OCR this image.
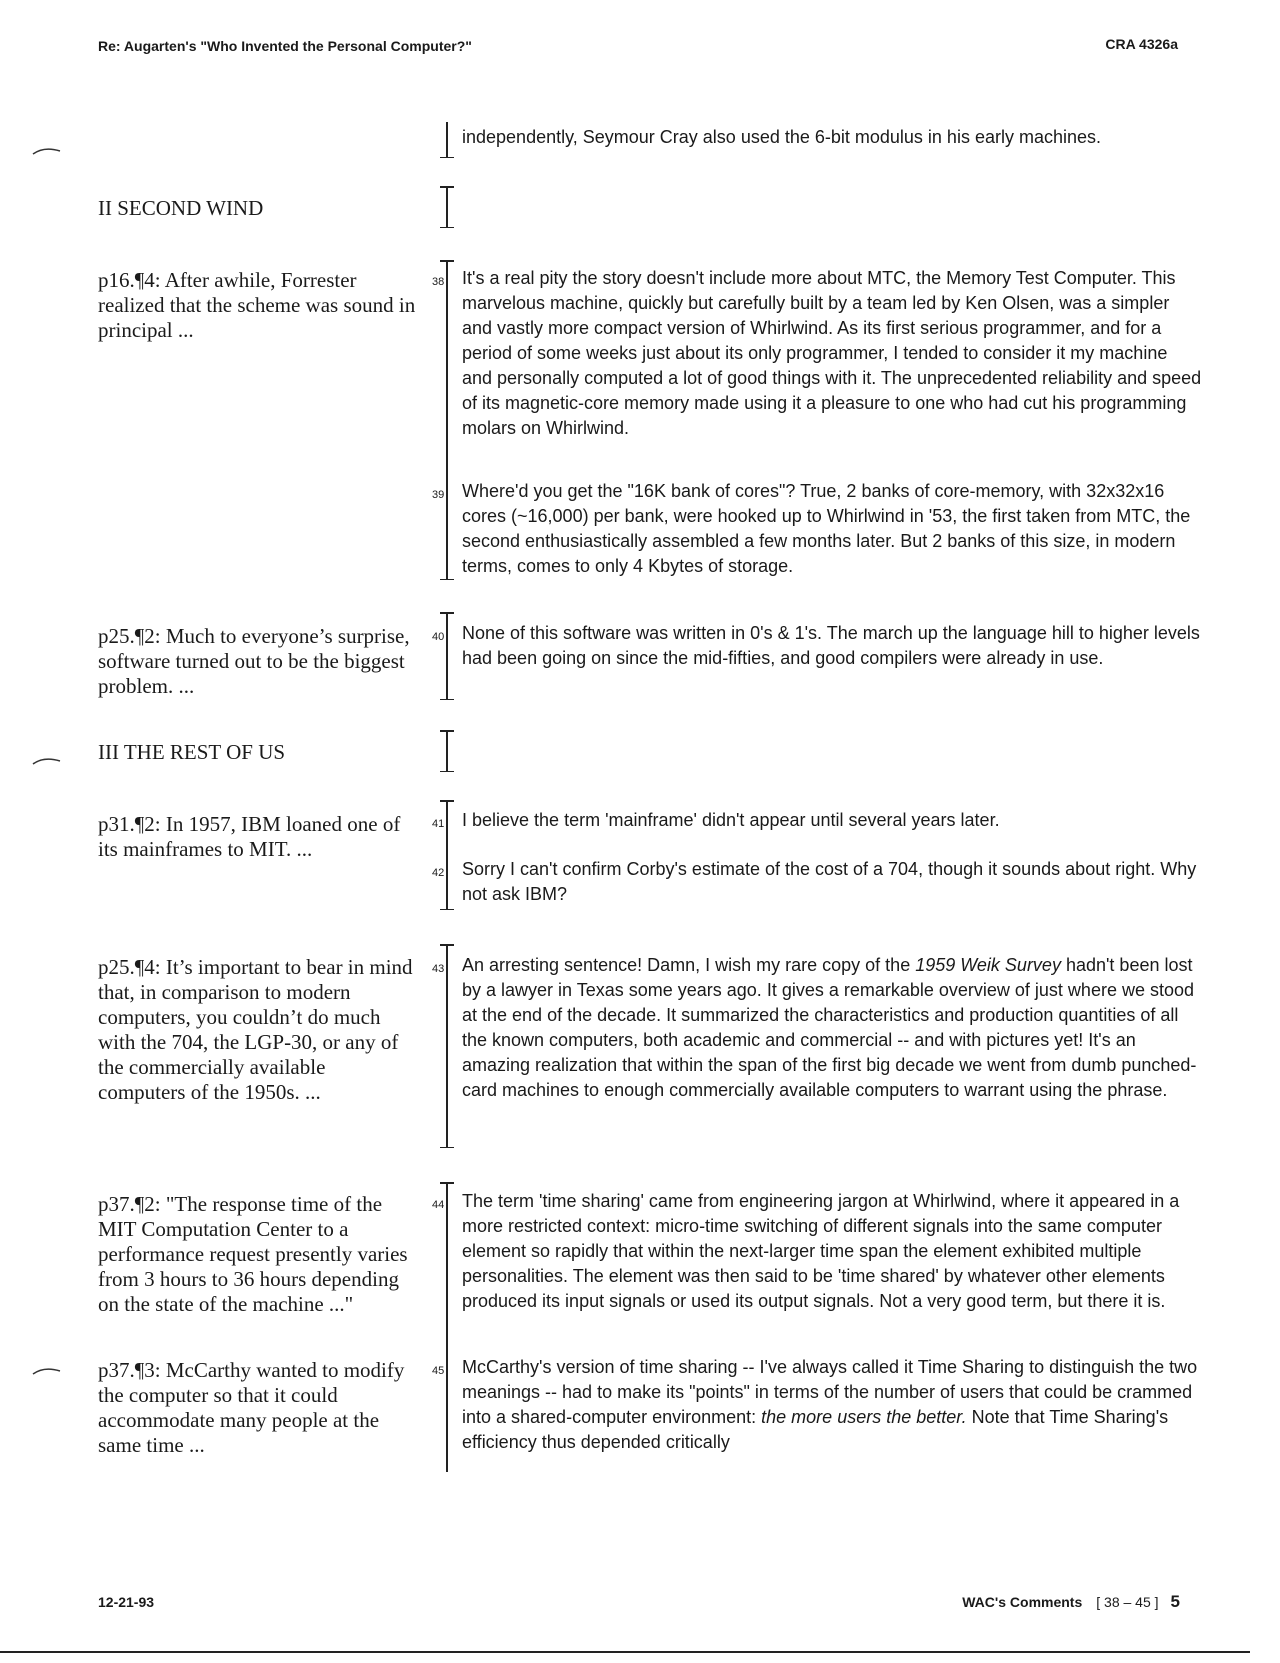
Re: Augarten's "Who Invented the Personal Computer?"	CRA 4326a
independently, Seymour Cray also used the 6-bit modulus in his early machines.
II SECOND WIND
p16.¶4: After awhile, Forrester realized that the scheme was sound in principal ...
38 It's a real pity the story doesn't include more about MTC, the Memory Test Computer. This marvelous machine, quickly but carefully built by a team led by Ken Olsen, was a simpler and vastly more compact version of Whirlwind. As its first serious programmer, and for a period of some weeks just about its only programmer, I tended to consider it my machine and personally computed a lot of good things with it. The unprecedented reliability and speed of its magnetic-core memory made using it a pleasure to one who had cut his programming molars on Whirlwind.
39 Where'd you get the "16K bank of cores"? True, 2 banks of core-memory, with 32x32x16 cores (~16,000) per bank, were hooked up to Whirlwind in '53, the first taken from MTC, the second enthusiastically assembled a few months later. But 2 banks of this size, in modern terms, comes to only 4 Kbytes of storage.
p25.¶2: Much to everyone’s surprise, software turned out to be the biggest problem. ...
40 None of this software was written in 0's & 1's. The march up the language hill to higher levels had been going on since the mid-fifties, and good compilers were already in use.
III THE REST OF US
p31.¶2: In 1957, IBM loaned one of its mainframes to MIT. ...
41 I believe the term 'mainframe' didn't appear until several years later.
42 Sorry I can't confirm Corby's estimate of the cost of a 704, though it sounds about right. Why not ask IBM?
p25.¶4: It’s important to bear in mind that, in comparison to modern computers, you couldn’t do much with the 704, the LGP-30, or any of the commercially available computers of the 1950s. ...
43 An arresting sentence! Damn, I wish my rare copy of the 1959 Weik Survey hadn't been lost by a lawyer in Texas some years ago. It gives a remarkable overview of just where we stood at the end of the decade. It summarized the characteristics and production quantities of all the known computers, both academic and commercial -- and with pictures yet! It's an amazing realization that within the span of the first big decade we went from dumb punched-card machines to enough commercially available computers to warrant using the phrase.
p37.¶2: "The response time of the MIT Computation Center to a performance request presently varies from 3 hours to 36 hours depending on the state of the machine ..."
p37.¶3: McCarthy wanted to modify the computer so that it could accommodate many people at the same time ...
44 The term 'time sharing' came from engineering jargon at Whirlwind, where it appeared in a more restricted context: micro-time switching of different signals into the same computer element so rapidly that within the next-larger time span the element exhibited multiple personalities. The element was then said to be 'time shared' by whatever other elements produced its input signals or used its output signals. Not a very good term, but there it is.
45 McCarthy's version of time sharing -- I've always called it Time Sharing to distinguish the two meanings -- had to make its "points" in terms of the number of users that could be crammed into a shared-computer environment: the more users the better. Note that Time Sharing's efficiency thus depended critically
12-21-93	WAC's Comments [ 38 – 45 ] 5
